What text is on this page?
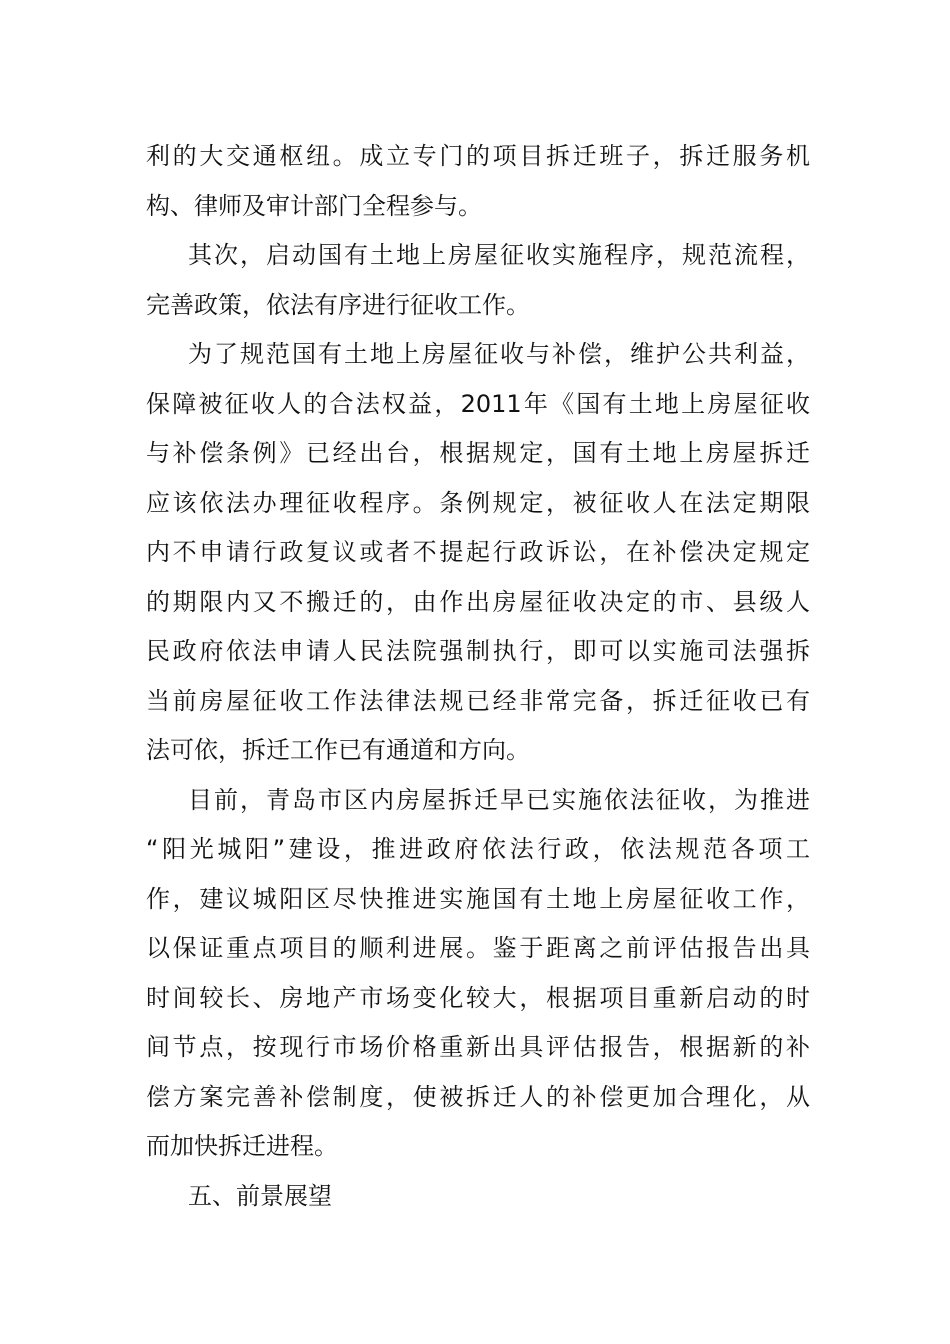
利的大交通枢纽。成立专门的项目拆迁班子，拆迁服务机
构、律师及审计部门全程参与。
其次，启动国有土地上房屋征收实施程序，规范流程，
完善政策，依法有序进行征收工作。
为了规范国有土地上房屋征收与补偿，维护公共利益，
保障被征收人的合法权益，2011年《国有土地上房屋征收
与补偿条例》已经出台，根据规定，国有土地上房屋拆迁
应该依法办理征收程序。条例规定，被征收人在法定期限
内不申请行政复议或者不提起行政诉讼，在补偿决定规定
的期限内又不搬迁的，由作出房屋征收决定的市、县级人
民政府依法申请人民法院强制执行，即可以实施司法强拆
当前房屋征收工作法律法规已经非常完备，拆迁征收已有
法可依，拆迁工作已有通道和方向。
目前，青岛市区内房屋拆迁早已实施依法征收，为推进
“阳光城阳”建设，推进政府依法行政，依法规范各项工
作，建议城阳区尽快推进实施国有土地上房屋征收工作，
以保证重点项目的顺利进展。鉴于距离之前评估报告出具
时间较长、房地产市场变化较大，根据项目重新启动的时
间节点，按现行市场价格重新出具评估报告，根据新的补
偿方案完善补偿制度，使被拆迁人的补偿更加合理化，从
而加快拆迁进程。
五、前景展望
